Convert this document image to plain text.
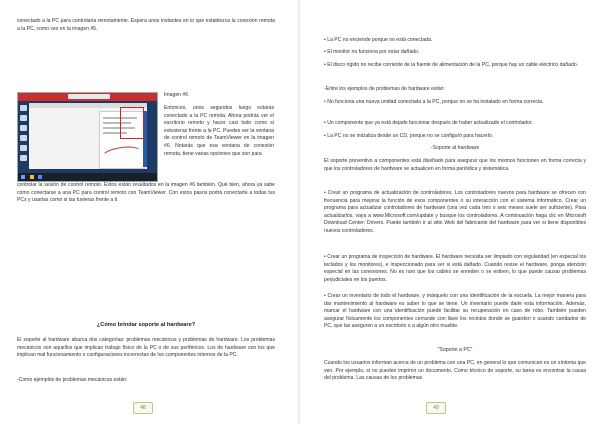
conectado a la PC para controlarla remotamente. Espera unos instantes en lo que establezca la conexion remota a la PC, como ves en la imagen #5.

Imagen #6

Entonces, unos segundos luego estarás conectado a la PC remota. Ahora podrás ver el escritorio remoto y hacer casi todo como si estuvieras frente a la PC. Puedes ver la ventana de control remoto de TeamViewer en la imagen #6. Notarás que esa ventana de conexión remota, tiene varias opciones que son para

controlar la sesión de control remoto. Estos están resaltados en la imagen #6 también. Qué bien, ahora ya sabe cómo conectarse a una PC para control remoto con TeamViewer. Con estos pasos podrá conectarte a todas tus PCs y usarlas como si las tuvieras frente a ti.

¿Cómo brindar soporte al hardware?

El soporte al hardware abarca dos categorías: problemas mecánicos y problemas de hardware. Los problemas mecánicos son aquellos que implican trabajo físico de la PC o de sus periféricos. Los de hardware son los que implican mal funcionamiento o configuraciones incorrectas de los componentes internos de la PC.

-Como ejemplos de problemas mecánicos están:

48

• La PC no enciende porque no está conectada.

• El monitor no funciona por estar dañado.

• El disco rígido no recibe corriente de la fuente de alimentación de la PC, porque hay un cable eléctrico dañado.

-Entre los ejemplos de problemas de hardware están:

• No funciona una nueva unidad conectada a la PC, porque no se ha instalado en forma correcta.

• Un componente que ya está dejado funcionar después de haber actualizado el controlador.

• La PC no se inicializa desde un CD, porque no se configuró para hacerlo.

-Soporte al hardware

El soporte preventivo a componentes está diseñado para asegurar que los mismos funcionen en forma correcta y que los controladores de hardware se actualicen en forma periódica y sistemática.

• Crear un programa de actualización de controladores. Los controladores nuevos para hardware se ofrecen con frecuencia para mejorar la función de esos componentes o su interacción con el sistema informático. Crear un programa para actualizar controladores de hardware (una vez cada tres o seis meses suele ser suficiente). Para actualizarlos, vaya a www.Microsoft.com/update y busque los controladores. A continuación haga clic en Microsoft Download Center: Drivers. Puede también ir al sitio Web del fabricante del hardware para ver si tiene disponibles nuevos controladores.

• Crear un programa de inspección de hardware. El hardware necesita ser limpiado con regularidad (en especial los teclados y los monitores), e inspeccionado para ver si está dañado. Cuando revise el hardware, ponga atención especial en las conexiones. No es raro que los cables se enreden o se estiren, lo que puede causar problemas perjudiciales en los puertos.

• Crear un inventario de todo el hardware, y márquelo con una identificación de la escuela. La mejor manera para dar mantenimiento al hardware es saber lo que se tiene. Un inventario puede darle esta información. Además, marcar el hardware con una identificación puede facilitar su recuperación en caso de robo. También pueden asegurar físicamente los componentes cerrando con llave los recintos donde se guarden o usando candados de PC, que las aseguren a un escritorio o a algún otro mueble.

"Soporte a PC"

Cuando los usuarios informan acerca de un problema con una PC, en general lo que comunican es un síntoma que ven. Por ejemplo, si no pueden imprimir un documento. Como técnico de soporte, su tarea es encontrar la causa del problema. Las causas de los problemas

49
